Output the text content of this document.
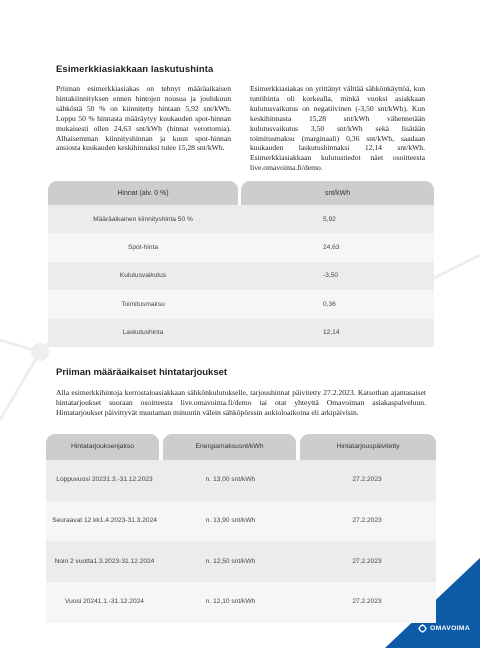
Esimerkkiasiakkaan laskutushinta

Priiman esimerkkiasiakas on tehnyt määräaikaisen hintakiinnityksen ennen hintojen nousua ja joulukuun sähköstä 50 % on kiinnitetty hintaan 5,92 snt/kWh. Loppu 50 % hinnasta määräytyy kuukauden spot-hinnan mukaisesti ollen 24,63 snt/kWh (hinnat verottomia). Alhaisemman kiinnityshinnan ja kuun spot-hinnan ansiosta kuukauden keskihinnaksi tulee 15,28 snt/kWh.

Esimerkkiasiakas on yrittänyt välttää sähkönkäyttöä, kun tuntihinta oli korkealla, minkä vuoksi asiakkaan kulutusvaikutus on negatiivinen (-3,50 snt/kWh). Kun keskihinnasta 15,28 snt/kWh vähennetään kulutusvaikutus 3,50 snt/kWh sekä lisätään toimitusmaksu (marginaali) 0,36 snt/kWh, saadaan kuukauden laskutushinnaksi 12,14 snt/kWh. Esimerkkiasiakkaan kulutustiedot näet osoitteesta live.omavoima.fi/demo.

Hinnat (alv. 0 %)	snt/kWh
Määräaikainen kiinnityshinta 50 %	5,92
Spot-hinta	24,63
Kulutusvaikutus	-3,50
Toimitusmaksu	0,36
Laskutushinta	12,14
Priiman määräaikaiset hintatarjoukset

Alla esimerkkihintoja kerrostaloasiakkaan sähkönkulutukselle, tarjoushinnat päivitetty 27.2.2023. Katsothan ajantasaiset hintatarjoukset suoraan osoitteesta live.omavoima.fi/demo tai otat yhteyttä Omavoiman asiakaspalveluun. Hintatarjoukset päivittyvät muutaman minuutin välein sähköpörssin aukioloaikoina eli arkipäivisin.

Hintatarjouksen jakso	Energiamaksu snt/kWh	Hintatarjous päivitetty
Loppuvuosi 2023 1.3.-31.12.2023	n. 13,00 snt/kWh	27.2.2023
Seuraavat 12 kk 1.4.2023-31.3.2024	n. 13,90 snt/kWh	27.2.2023
Noin 2 vuotta 1.3.2023-31.12.2024	n. 12,50 snt/kWh	27.2.2023
Vuosi 2024 1.1.-31.12.2024	n. 12,10 snt/kWh	27.2.2023
OMAVOIMA
